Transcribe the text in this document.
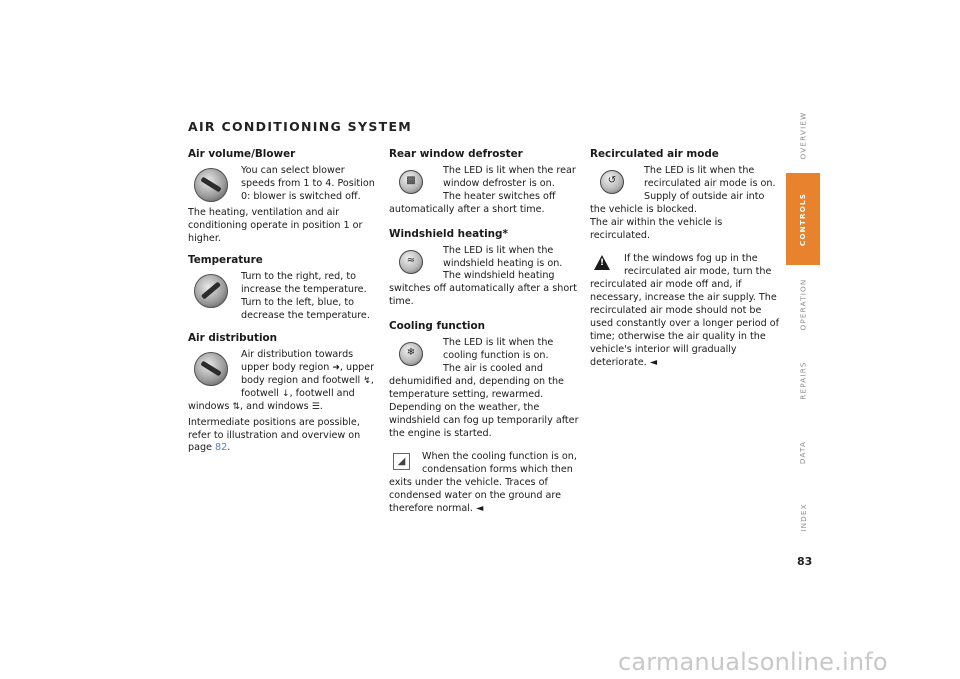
AIR CONDITIONING SYSTEM
Air volume/Blower

You can select blower speeds from 1 to 4. Position 0: blower is switched off.

The heating, ventilation and air conditioning operate in position 1 or higher.

Temperature

Turn to the right, red, to increase the temperature.

Turn to the left, blue, to decrease the temperature.

Air distribution

Air distribution towards upper body region ➜, upper body region and footwell ↯, footwell ↓, footwell and windows ⇅, and windows ☰.

Intermediate positions are possible, refer to illustration and overview on page 82.

Rear window defroster
▩

The LED is lit when the rear window defroster is on.

The heater switches off automatically after a short time.

Windshield heating*
≈

The LED is lit when the windshield heating is on.

The windshield heating switches off automatically after a short time.

Cooling function
❄

The LED is lit when the cooling function is on.

The air is cooled and dehumidified and, depending on the temperature setting, rewarmed.

Depending on the weather, the windshield can fog up temporarily after the engine is started.

◢	When the cooling function is on, condensation forms which then exits under the vehicle. Traces of condensed water on the ground are therefore normal. ◄

Recirculated air mode
↺

The LED is lit when the recirculated air mode is on. Supply of outside air into the vehicle is blocked.

The air within the vehicle is recirculated.

!	If the windows fog up in the recirculated air mode, turn the recirculated air mode off and, if necessary, increase the air supply. The recirculated air mode should not be used constantly over a longer period of time; otherwise the air quality in the vehicle's interior will gradually deteriorate. ◄

OVERVIEW
CONTROLS
OPERATION
REPAIRS
DATA
INDEX

83

carmanualsonline.info
